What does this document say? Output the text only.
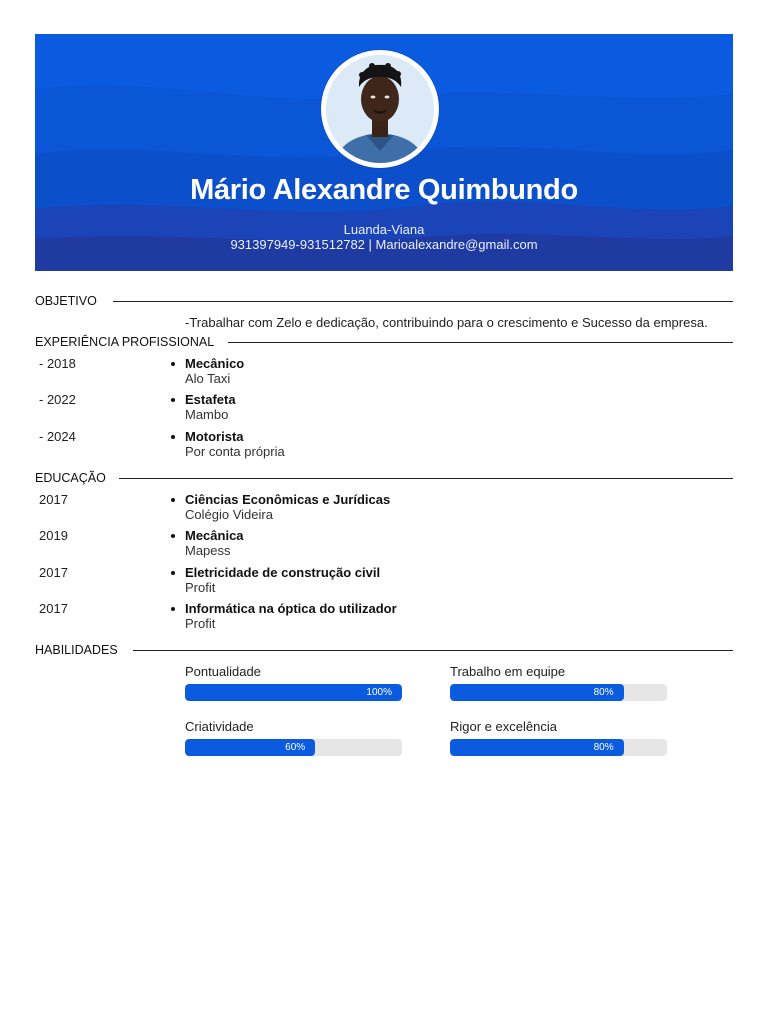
Mário Alexandre Quimbundo
Luanda-Viana
931397949-931512782 | Marioalexandre@gmail.com
OBJETIVO
-Trabalhar com Zelo e dedicação, contribuindo para o crescimento e Sucesso da empresa.
EXPERIÊNCIA PROFISSIONAL
- 2018	Mecânico
Alo Taxi
- 2022	Estafeta
Mambo
- 2024	Motorista
Por conta própria
EDUCAÇÃO
2017	Ciências Econômicas e Jurídicas
Colégio Videira
2019	Mecânica
Mapess
2017	Eletricidade de construção civil
Profit
2017	Informática na óptica do utilizador
Profit
HABILIDADES
Pontualidade
100%
Trabalho em equipe
80%
Criatividade
60%
Rigor e excelência
80%
